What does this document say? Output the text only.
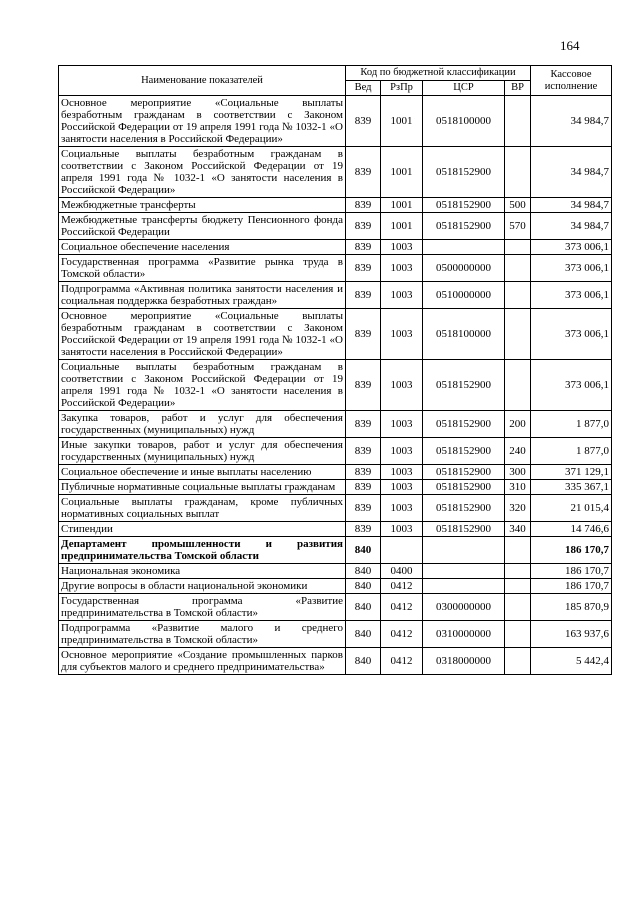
164
Наименование показателей	Код по бюджетной классификации				Кассовое исполнение
	Вед	РзПр	ЦСР	ВР	
Основное мероприятие «Социальные выплаты безработным гражданам в соответствии с Законом Российской Федерации от 19 апреля 1991 года № 1032-1 «О занятости населения в Российской Федерации»	839	1001	0518100000		34 984,7
Социальные выплаты безработным гражданам в соответствии с Законом Российской Федерации от 19 апреля 1991 года № 1032-1 «О занятости населения в Российской Федерации»	839	1001	0518152900		34 984,7
Межбюджетные трансферты	839	1001	0518152900	500	34 984,7
Межбюджетные трансферты бюджету Пенсионного фонда Российской Федерации	839	1001	0518152900	570	34 984,7
Социальное обеспечение населения	839	1003			373 006,1
Государственная программа «Развитие рынка труда в Томской области»	839	1003	0500000000		373 006,1
Подпрограмма «Активная политика занятости населения и социальная поддержка безработных граждан»	839	1003	0510000000		373 006,1
Основное мероприятие «Социальные выплаты безработным гражданам в соответствии с Законом Российской Федерации от 19 апреля 1991 года № 1032-1 «О занятости населения в Российской Федерации»	839	1003	0518100000		373 006,1
Социальные выплаты безработным гражданам в соответствии с Законом Российской Федерации от 19 апреля 1991 года № 1032-1 «О занятости населения в Российской Федерации»	839	1003	0518152900		373 006,1
Закупка товаров, работ и услуг для обеспечения государственных (муниципальных) нужд	839	1003	0518152900	200	1 877,0
Иные закупки товаров, работ и услуг для обеспечения государственных (муниципальных) нужд	839	1003	0518152900	240	1 877,0
Социальное обеспечение и иные выплаты населению	839	1003	0518152900	300	371 129,1
Публичные нормативные социальные выплаты гражданам	839	1003	0518152900	310	335 367,1
Социальные выплаты гражданам, кроме публичных нормативных социальных выплат	839	1003	0518152900	320	21 015,4
Стипендии	839	1003	0518152900	340	14 746,6
Департамент промышленности и развития предпринимательства Томской области	840				186 170,7
Национальная экономика	840	0400			186 170,7
Другие вопросы в области национальной экономики	840	0412			186 170,7
Государственная программа «Развитие предпринимательства в Томской области»	840	0412	0300000000		185 870,9
Подпрограмма «Развитие малого и среднего предпринимательства в Томской области»	840	0412	0310000000		163 937,6
Основное мероприятие «Создание промышленных парков для субъектов малого и среднего предпринимательства»	840	0412	0318000000		5 442,4
